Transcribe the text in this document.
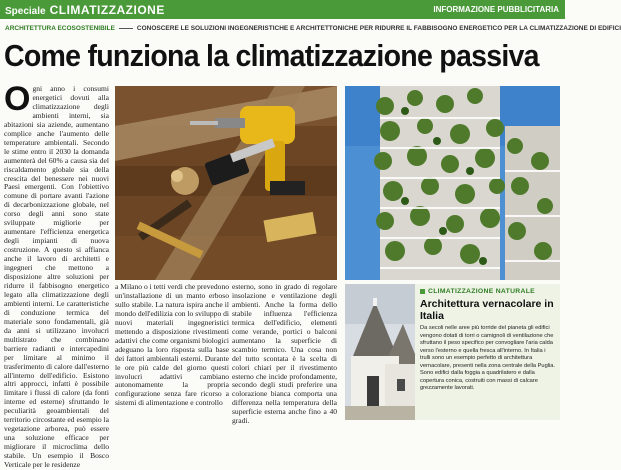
Speciale CLIMATIZZAZIONE	INFORMAZIONE PUBBLICITARIA
ARCHITETTURA ECOSOSTENIBILE	CONOSCERE LE SOLUZIONI INGEGNERISTICHE E ARCHITETTONICHE PER RIDURRE IL FABBISOGNO ENERGETICO PER LA CLIMATIZZAZIONE DI EDIFICI
Come funziona la climatizzazione passiva
Ogni anno i consumi energetici dovuti alla climatizzazione degli ambienti interni, sia abitazioni sia aziende, aumentano complice anche l'aumento delle temperature ambientali. Secondo le stime entro il 2030 la domanda aumenterà del 60% a causa sia del riscaldamento globale sia della crescita del benessere nei nuovi Paesi emergenti. Con l'obiettivo comune di portare avanti l'azione di decarbonizzazione globale, nel corso degli anni sono state sviluppate migliorie per aumentare l'efficienza energetica degli impianti di nuova costruzione. A questo si affianca anche il lavoro di architetti e ingegneri che mettono a disposizione altre soluzioni per ridurre il fabbisogno energetico legato alla climatizzazione degli ambienti interni. Le caratteristiche di conduzione termica del materiale sono fondamentali, già da anni si utilizzano involucri multistrato che combinano barriere radianti e intercapedini per limitare al minimo il trasferimento di calore dall'esterno all'interno dell'edificio. Esistono altri approcci, infatti è possibile limitare i flussi di calore (da fonti interne ed esterne) sfruttando le peculiarità geoambientali del territorio circostante ed esempio la vegetazione arborea, può essere una soluzione efficace per migliorare il microclima dello stabile. Un esempio il Bosco Verticale per le residenze
a Milano o i tetti verdi che prevedono un'installazione di un manto erboso sullo stabile. La natura ispira anche il mondo dell'edilizia con lo sviluppo di nuovi materiali ingegneristici mettendo a disposizione rivestimenti adattivi che come organismi biologici adeguano la loro risposta sulla base dei fattori ambientali esterni. Durante le ore più calde del giorno questi involucri adattivi cambiano autonomamente la propria configurazione senza fare ricorso a sistemi di alimentazione e controllo
esterno, sono in grado di regolare insolazione e ventilazione degli ambienti. Anche la forma dello stabile influenza l'efficienza termica dell'edificio, elementi come verande, portici o balconi aumentano la superficie di scambio termico. Una cosa non del tutto scontata è la scelta di colori chiari per il rivestimento esterno che incide profondamente, secondo degli studi preferire una colorazione bianca comporta una differenza nella temperatura della superficie esterna anche fino a 40 gradi.
CLIMATIZZAZIONE NATURALE
Architettura vernacolare in Italia
Da secoli nelle aree più torride del pianeta gli edifici vengono dotati di torri o camignoli di ventilazione che sfruttano il peso specifico per convogliare l'aria calda verso l'esterno e quella fresca all'interno. In Italia i trulli sono un esempio perfetto di architettura vernacolare, presenti nella zona centrale della Puglia. Sono edifici dalla foggia a quadrilatero e dalla copertura conica, costruiti con massi di calcare grezzamente lavorati.
